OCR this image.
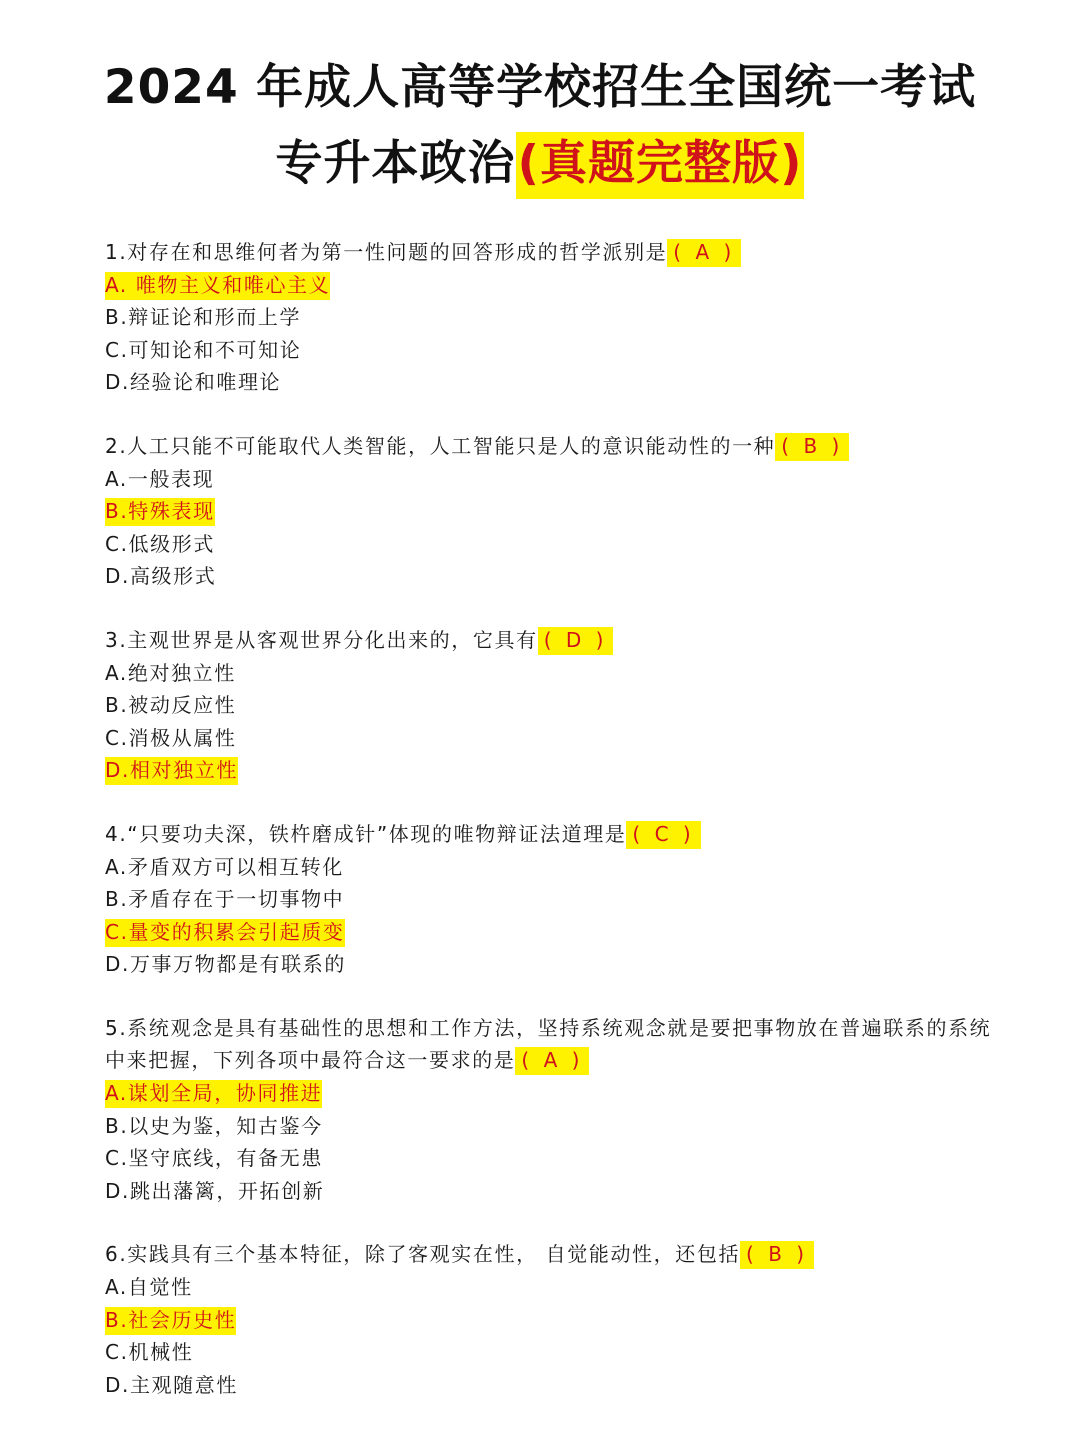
2024 年成人高等学校招生全国统一考试
专升本政治(真题完整版)
1.对存在和思维何者为第一性问题的回答形成的哲学派别是 ( A )
A. 唯物主义和唯心主义
B.辩证论和形而上学
C.可知论和不可知论
D.经验论和唯理论
2.人工只能不可能取代人类智能，人工智能只是人的意识能动性的一种 ( B )
A.一般表现
B.特殊表现
C.低级形式
D.高级形式
3.主观世界是从客观世界分化出来的，它具有 ( D )
A.绝对独立性
B.被动反应性
C.消极从属性
D.相对独立性
4.“只要功夫深，铁杵磨成针”体现的唯物辩证法道理是 ( C )
A.矛盾双方可以相互转化
B.矛盾存在于一切事物中
C.量变的积累会引起质变
D.万事万物都是有联系的
5.系统观念是具有基础性的思想和工作方法，坚持系统观念就是要把事物放在普遍联系的系统中来把握，下列各项中最符合这一要求的是 ( A )
A.谋划全局，协同推进
B.以史为鉴，知古鉴今
C.坚守底线，有备无患
D.跳出藩篱，开拓创新
6.实践具有三个基本特征，除了客观实在性， 自觉能动性，还包括 ( B )
A.自觉性
B.社会历史性
C.机械性
D.主观随意性
